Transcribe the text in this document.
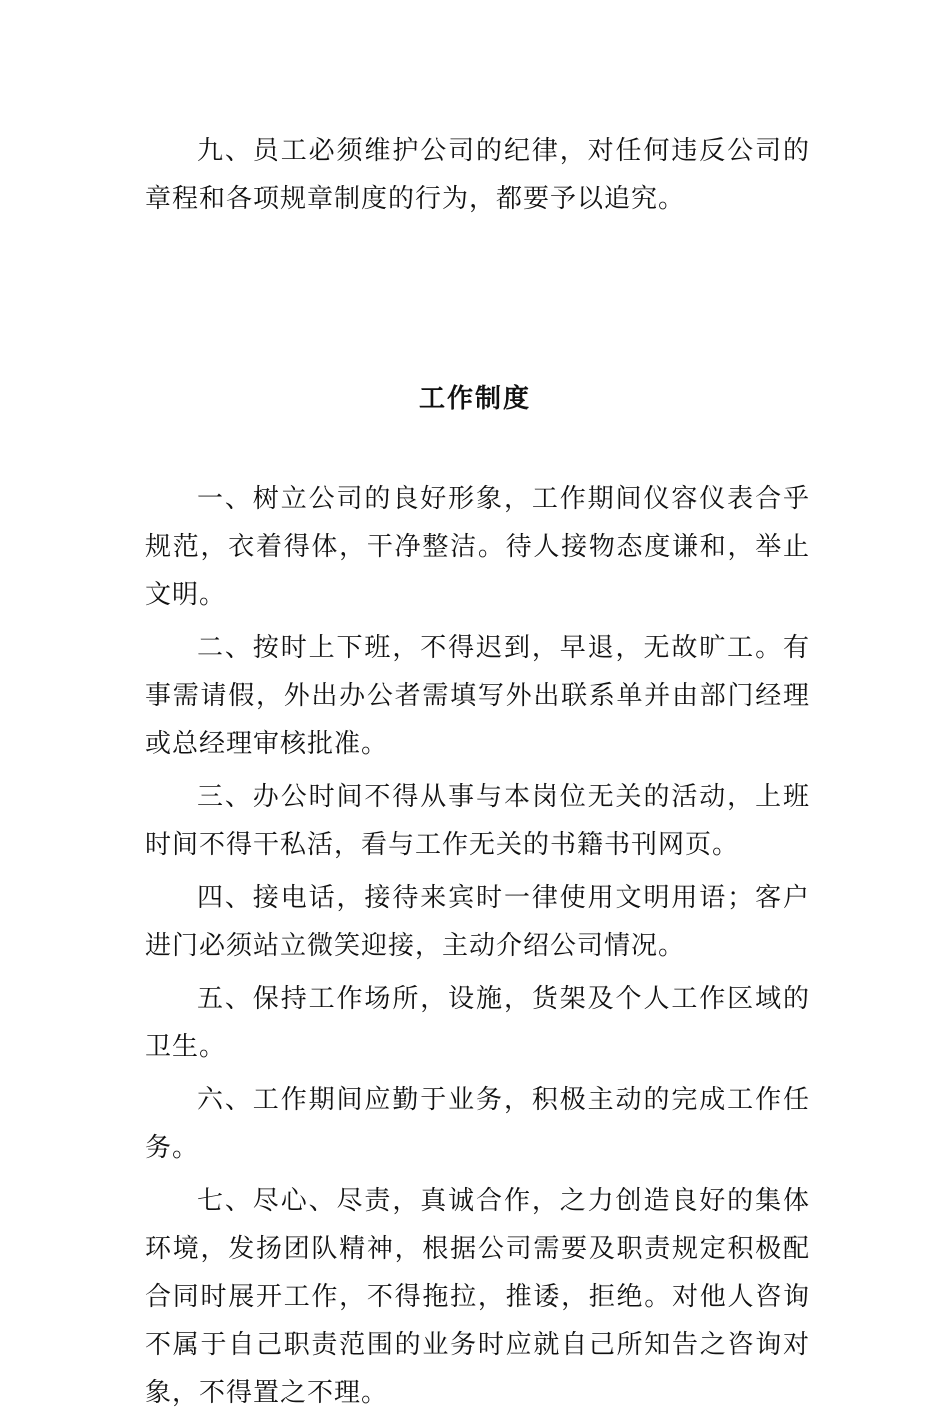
九、员工必须维护公司的纪律，对任何违反公司的章程和各项规章制度的行为，都要予以追究。

工作制度

一、树立公司的良好形象，工作期间仪容仪表合乎规范，衣着得体，干净整洁。待人接物态度谦和，举止文明。

二、按时上下班，不得迟到，早退，无故旷工。有事需请假，外出办公者需填写外出联系单并由部门经理或总经理审核批准。

三、办公时间不得从事与本岗位无关的活动，上班时间不得干私活，看与工作无关的书籍书刊网页。

四、接电话，接待来宾时一律使用文明用语；客户进门必须站立微笑迎接，主动介绍公司情况。

五、保持工作场所，设施，货架及个人工作区域的卫生。

六、工作期间应勤于业务，积极主动的完成工作任务。

七、尽心、尽责，真诚合作，之力创造良好的集体环境，发扬团队精神，根据公司需要及职责规定积极配合同时展开工作，不得拖拉，推诿，拒绝。对他人咨询不属于自己职责范围的业务时应就自己所知告之咨询对象，不得置之不理。
